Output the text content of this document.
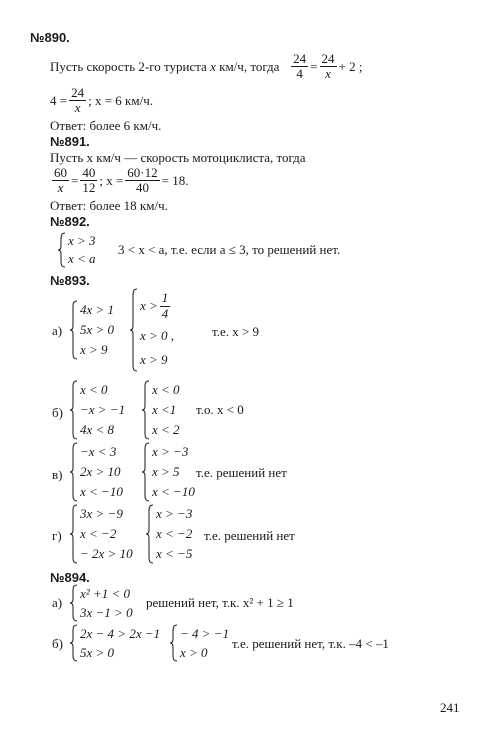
№890.
Пусть скорость 2-го туриста
x
км/ч, тогда
$\frac{24}{4} = \frac{24}{x} + 2$ ;
$4 = \frac{24}{x}$ ; x = 6 км/ч.
Ответ: более 6 км/ч.
№891.
Пусть x км/ч — скорость мотоциклиста, тогда
$\frac{60}{x} = \frac{40}{12}$ ; $x = \frac{60\cdot 12}{40} = 18$.
Ответ: более 18 км/ч.
№892.
x > 3
x < a
3 < x < a, т.е. если a ≤ 3, то решений нет.
№893.
а)
4x > 1
5x > 0
x > 9
$x > \frac{1}{4}$
x > 0 ,
x > 9
т.е. x > 9
б)
x < 0
−x > −1
4x < 8
x < 0
x <1
x < 2
т.о. x < 0
в)
−x < 3
2x > 10
x < −10
x > −3
x > 5
x < −10
т.е. решений нет
г)
3x > −9
x < −2
− 2x > 10
x > −3
x < −2
x < −5
т.е. решений нет
№894.
а)
x² +1 < 0
3x −1 > 0
решений нет, т.к. x² + 1 ≥ 1
б)
2x − 4 > 2x −1
5x > 0
− 4 > −1
x > 0
т.е. решений нет, т.к. –4 < –1
241
